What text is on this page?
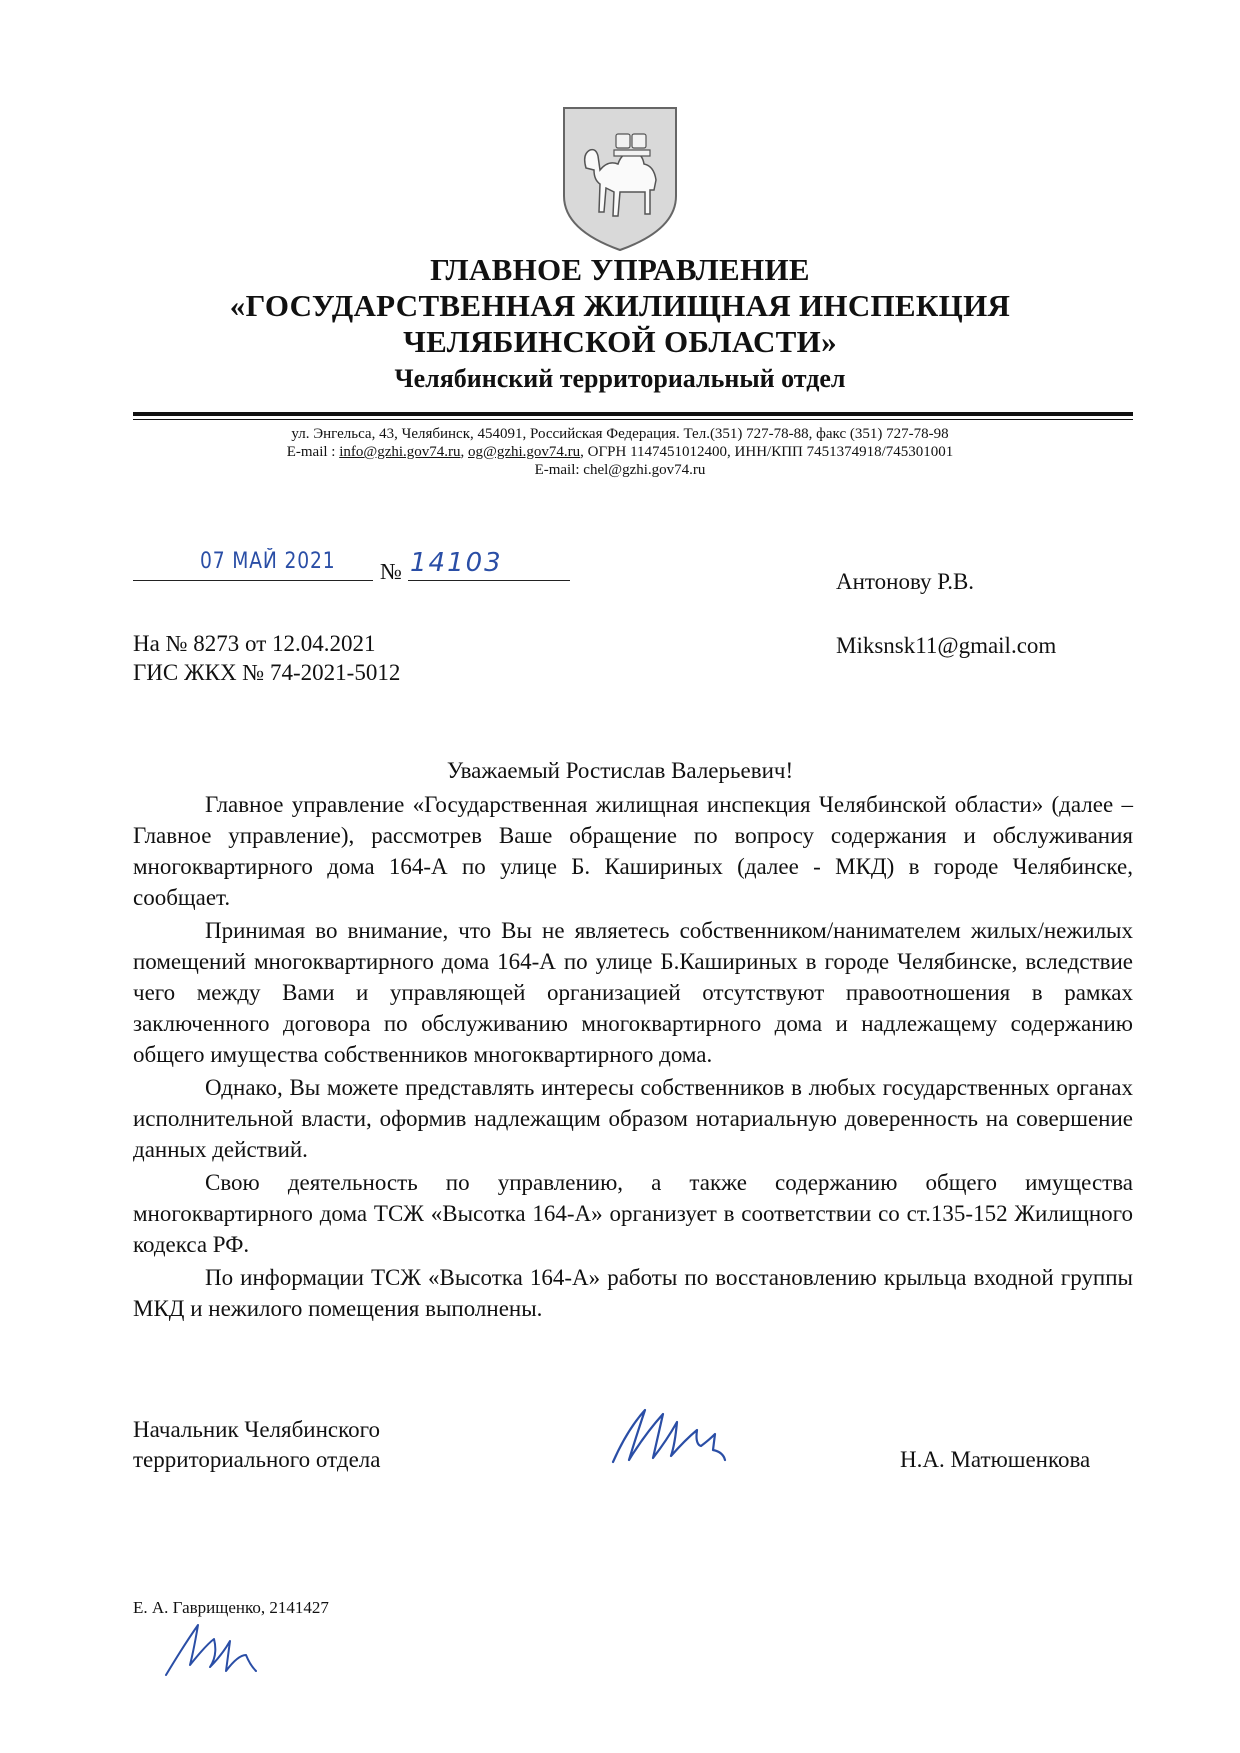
ГЛАВНОЕ УПРАВЛЕНИЕ
«ГОСУДАРСТВЕННАЯ ЖИЛИЩНАЯ ИНСПЕКЦИЯ
ЧЕЛЯБИНСКОЙ ОБЛАСТИ»
Челябинский территориальный отдел
ул. Энгельса, 43, Челябинск, 454091, Российская Федерация. Тел.(351) 727-78-88, факс (351) 727-78-98
E-mail : info@gzhi.gov74.ru, og@gzhi.gov74.ru, ОГРН 1147451012400, ИНН/КПП 7451374918/745301001
E-mail: chel@gzhi.gov74.ru
07 МАЙ 2021 № 14103
Антонову Р.В.
Miksnsk11@gmail.com
На № 8273 от 12.04.2021
ГИС ЖКХ № 74-2021-5012
Уважаемый Ростислав Валерьевич!

Главное управление «Государственная жилищная инспекция Челябинской области» (далее – Главное управление), рассмотрев Ваше обращение по вопросу содержания и обслуживания многоквартирного дома 164-А по улице Б. Кашириных (далее - МКД) в городе Челябинске, сообщает.

Принимая во внимание, что Вы не являетесь собственником/нанимателем жилых/нежилых помещений многоквартирного дома 164-А по улице Б.Кашириных в городе Челябинске, вследствие чего между Вами и управляющей организацией отсутствуют правоотношения в рамках заключенного договора по обслуживанию многоквартирного дома и надлежащему содержанию общего имущества собственников многоквартирного дома.

Однако, Вы можете представлять интересы собственников в любых государственных органах исполнительной власти, оформив надлежащим образом нотариальную доверенность на совершение данных действий.

Свою деятельность по управлению, а также содержанию общего имущества многоквартирного дома ТСЖ «Высотка 164-А» организует в соответствии со ст.135-152 Жилищного кодекса РФ.

По информации ТСЖ «Высотка 164-А» работы по восстановлению крыльца входной группы МКД и нежилого помещения выполнены.

Начальник Челябинского
территориального отдела	Н.А. Матюшенкова
Е. А. Гаврищенко, 2141427
